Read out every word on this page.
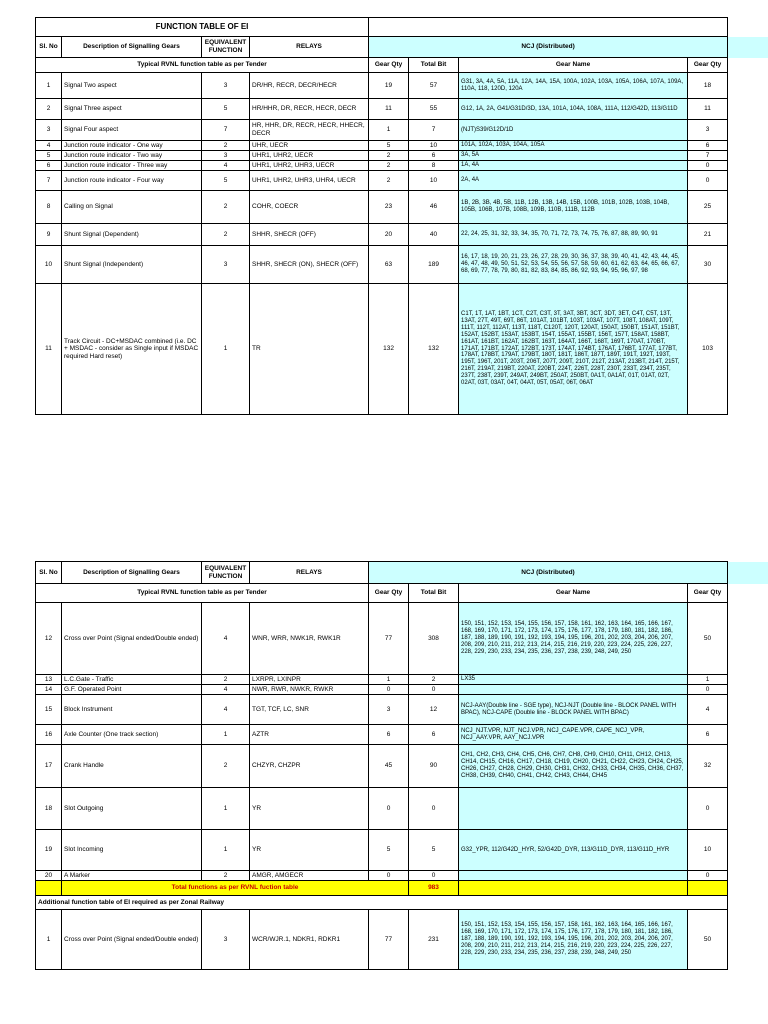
FUNCTION TABLE OF EI								
Sl. No	Description of Signalling Gears	EQUIVALENT FUNCTION	RELAYS	NCJ (Distributed)				
Typical RVNL function table as per Tender				Gear Qty	Total Bit	Gear Name	Gear Qty	
1	Signal Two aspect	3	DR/HR, RECR, DECR/HECR	19	57	G31, 3A, 4A, 5A, 11A, 12A, 14A, 15A, 100A, 102A, 103A, 105A, 106A, 107A, 109A, 110A, 118, 120D, 120A	18	
2	Signal Three aspect	5	HR/HHR, DR, RECR, HECR, DECR	11	55	G12, 1A, 2A, G41/G31D/3D, 13A, 101A, 104A, 108A, 111A, 112/G42D, 113/G11D	11	
3	Signal Four aspect	7	HR, HHR, DR, RECR, HECR, HHECR, DECR	1	7	(NJT)S39/G12D/1D	3	
4	Junction route indicator - One way	2	UHR, UECR	5	10	101A, 102A, 103A, 104A, 105A	6	
5	Junction route indicator - Two way	3	UHR1, UHR2, UECR	2	6	3A, 5A	7	
6	Junction route indicator - Three way	4	UHR1, UHR2, UHR3, UECR	2	8	1A, 4A	0	
7	Junction route indicator - Four way	5	UHR1, UHR2, UHR3, UHR4, UECR	2	10	2A, 4A	0	
8	Calling on Signal	2	COHR, COECR	23	46	1B, 2B, 3B, 4B, 5B, 11B, 12B, 13B, 14B, 15B, 100B, 101B, 102B, 103B, 104B, 105B, 106B, 107B, 108B, 109B, 110B, 111B, 112B	25	
9	Shunt Signal (Dependent)	2	SHHR, SHECR (OFF)	20	40	22, 24, 25, 31, 32, 33, 34, 35, 70, 71, 72, 73, 74, 75, 76, 87, 88, 89, 90, 91	21	
10	Shunt Signal (Independent)	3	SHHR, SHECR (ON), SHECR (OFF)	63	189	16, 17, 18, 19, 20, 21, 23, 26, 27, 28, 29, 30, 36, 37, 38, 39, 40, 41, 42, 43, 44, 45, 46, 47, 48, 49, 50, 51, 52, 53, 54, 55, 56, 57, 58, 59, 60, 61, 62, 63, 64, 65, 66, 67, 68, 69, 77, 78, 79, 80, 81, 82, 83, 84, 85, 86, 92, 93, 94, 95, 96, 97, 98	30	
11	Track Circuit - DC+MSDAC combined (i.e. DC + MSDAC - consider as Single input if MSDAC required Hard reset)	1	TR	132	132	C1T, 1T, 1AT, 1BT, 1CT, C2T, C3T, 3T, 3AT, 3BT, 3CT, 3DT, 3ET, C4T, C5T, 13T, 13AT, 27T, 49T, 69T, 86T, 101AT, 101BT, 103T, 103AT, 107T, 108T, 108AT, 109T, 111T, 112T, 112AT, 113T, 118T, C120T, 120T, 120AT, 150AT, 150BT, 151AT, 151BT, 152AT, 152BT, 153AT, 153BT, 154T, 155AT, 155BT, 156T, 157T, 158AT, 158BT, 161AT, 161BT, 162AT, 162BT, 163T, 164AT, 166T, 168T, 169T, 170AT, 170BT, 171AT, 171BT, 172AT, 172BT, 173T, 174AT, 174BT, 176AT, 176BT, 177AT, 177BT, 178AT, 178BT, 179AT, 179BT, 180T, 181T, 186T, 187T, 189T, 191T, 192T, 193T, 195T, 196T, 201T, 203T, 206T, 207T, 209T, 210T, 212T, 213AT, 213BT, 214T, 215T, 216T, 219AT, 219BT, 220AT, 220BT, 224T, 226T, 228T, 230T, 233T, 234T, 235T, 237T, 238T, 239T, 249AT, 249BT, 250AT, 250BT, 0A1T, 0A1AT, 01T, 01AT, 02T, 02AT, 03T, 03AT, 04T, 04AT, 05T, 05AT, 06T, 06AT	103	
Sl. No	Description of Signalling Gears	EQUIVALENT FUNCTION	RELAYS	NCJ (Distributed)				
Typical RVNL function table as per Tender				Gear Qty	Total Bit	Gear Name	Gear Qty	
12	Cross over Point (Signal ended/Double ended)	4	WNR, WRR, NWK1R, RWK1R	77	308	150, 151, 152, 153, 154, 155, 156, 157, 158, 161, 162, 163, 164, 165, 166, 167, 168, 169, 170, 171, 172, 173, 174, 175, 176, 177, 178, 179, 180, 181, 182, 186, 187, 188, 189, 190, 191, 192, 193, 194, 195, 196, 201, 202, 203, 204, 206, 207, 208, 209, 210, 211, 212, 213, 214, 215, 216, 219, 220, 223, 224, 225, 226, 227, 228, 229, 230, 233, 234, 235, 236, 237, 238, 239, 248, 249, 250	50	
13	L.C.Gate - Traffic	2	LXRPR, LXINPR	1	2	LX35	1	
14	G.F. Operated Point	4	NWR, RWR, NWKR, RWKR	0	0		0	
15	Block Instrument	4	TGT, TCF, LC, SNR	3	12	NCJ-AAY(Double line - SGE type), NCJ-NJT (Double line - BLOCK PANEL WITH BPAC), NCJ-CAPE (Double line - BLOCK PANEL WITH BPAC)	4	
16	Axle Counter (One track section)	1	AZTR	6	6	NCJ_NJT.VPR, NJT_NCJ.VPR, NCJ_CAPE.VPR, CAPE_NCJ_VPR, NCJ_AAY.VPR, AAY_NCJ.VPR	6	
17	Crank Handle	2	CHZYR, CHZPR	45	90	CH1, CH2, CH3, CH4, CH5, CH6, CH7, CH8, CH9, CH10, CH11, CH12, CH13, CH14, CH15, CH16, CH17, CH18, CH19, CH20, CH21, CH22, CH23, CH24, CH25, CH26, CH27, CH28, CH29, CH30, CH31, CH32, CH33, CH34, CH35, CH36, CH37, CH38, CH39, CH40, CH41, CH42, CH43, CH44, CH45	32	
18	Slot Outgoing	1	YR	0	0		0	
19	Slot Incoming	1	YR	5	5	G32_YPR, 112/G42D_HYR, 52/G42D_DYR, 113/G11D_DYR, 113/G11D_HYR	10	
20	A Marker	2	AMGR, AMGECR	0	0		0	
	Total functions as per RVNL fuction table				983			
Additional function table of EI required as per Zonal Railway								
1	Cross over Point (Signal ended/Double ended)	3	WCR/WJR.1, NDKR1, RDKR1	77	231	150, 151, 152, 153, 154, 155, 156, 157, 158, 161, 162, 163, 164, 165, 166, 167, 168, 169, 170, 171, 172, 173, 174, 175, 176, 177, 178, 179, 180, 181, 182, 186, 187, 188, 189, 190, 191, 192, 193, 194, 195, 196, 201, 202, 203, 204, 206, 207, 208, 209, 210, 211, 212, 213, 214, 215, 216, 219, 220, 223, 224, 225, 226, 227, 228, 229, 230, 233, 234, 235, 236, 237, 238, 239, 248, 249, 250	50	
